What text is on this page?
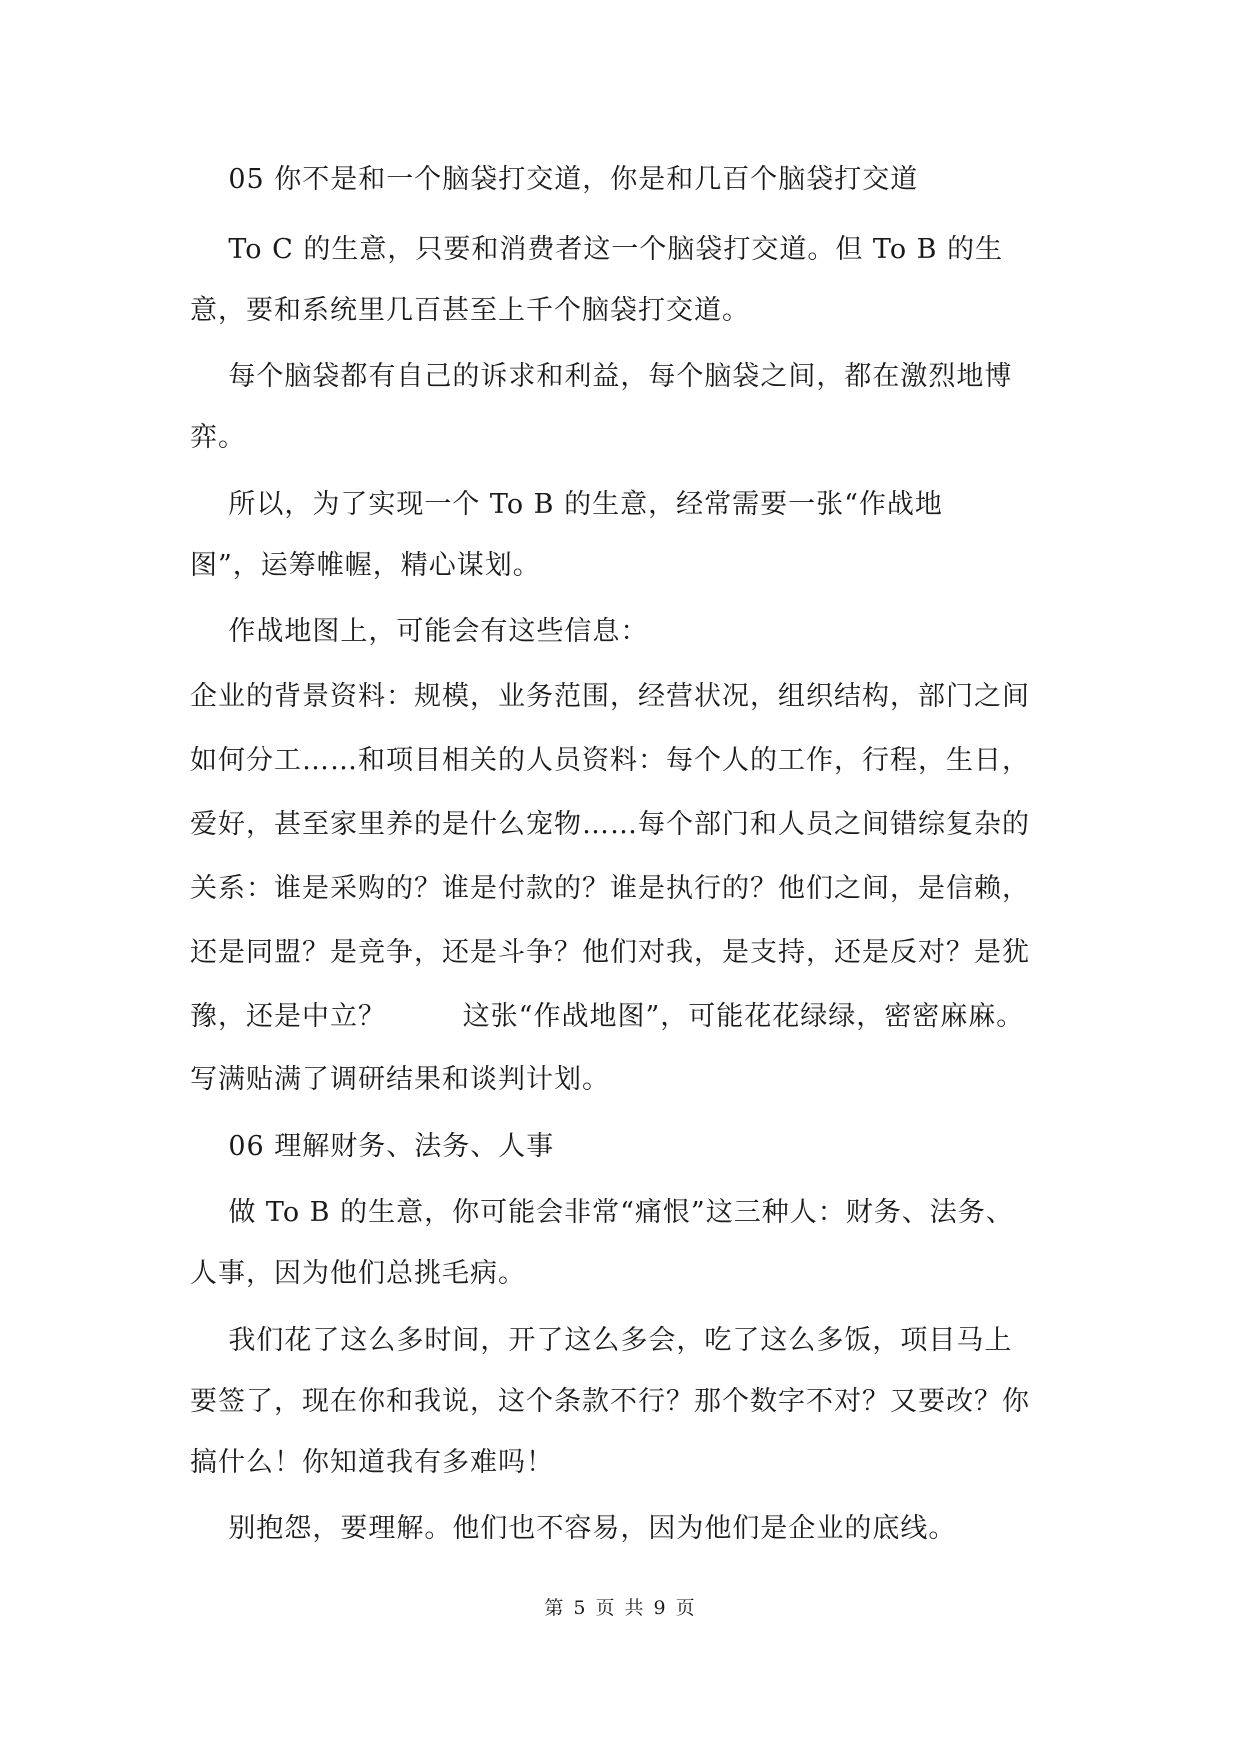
05 你不是和一个脑袋打交道，你是和几百个脑袋打交道
To C 的生意，只要和消费者这一个脑袋打交道。但 To B 的生
意，要和系统里几百甚至上千个脑袋打交道。
每个脑袋都有自己的诉求和利益，每个脑袋之间，都在激烈地博
弈。
所以，为了实现一个 To B 的生意，经常需要一张“作战地
图”，运筹帷幄，精心谋划。
作战地图上，可能会有这些信息：
企业的背景资料：规模，业务范围，经营状况，组织结构，部门之间
如何分工……和项目相关的人员资料：每个人的工作，行程，生日，
爱好，甚至家里养的是什么宠物……每个部门和人员之间错综复杂的
关系：谁是采购的？谁是付款的？谁是执行的？他们之间，是信赖，
还是同盟？是竞争，还是斗争？他们对我，是支持，还是反对？是犹
豫，还是中立？        这张“作战地图”，可能花花绿绿，密密麻麻。
写满贴满了调研结果和谈判计划。
06 理解财务、法务、人事
做 To B 的生意，你可能会非常“痛恨”这三种人：财务、法务、
人事，因为他们总挑毛病。
我们花了这么多时间，开了这么多会，吃了这么多饭，项目马上
要签了，现在你和我说，这个条款不行？那个数字不对？又要改？你
搞什么！你知道我有多难吗！
别抱怨，要理解。他们也不容易，因为他们是企业的底线。
第 5 页 共 9 页
